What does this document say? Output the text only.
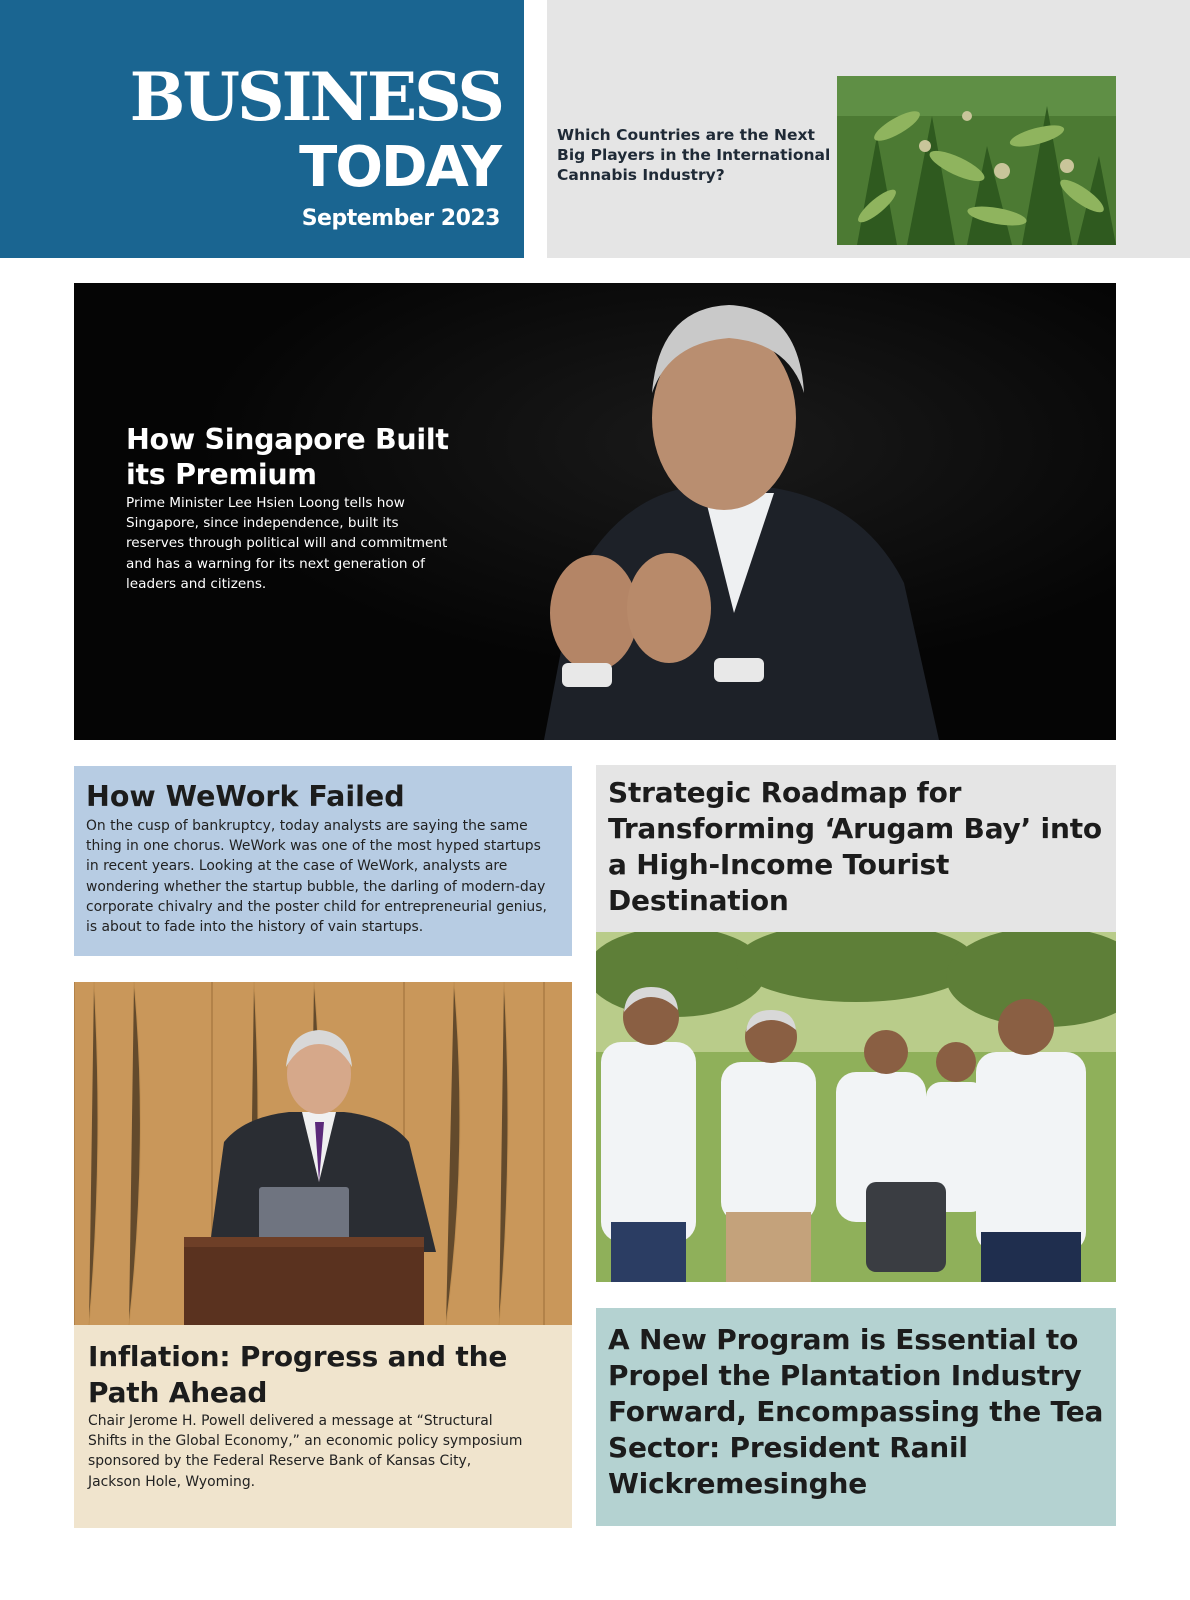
BUSINESS
TODAY
September 2023
Which Countries are the Next Big Players in the International Cannabis Industry?
How Singapore Built its Premium
Prime Minister Lee Hsien Loong tells how Singapore, since independence, built its reserves through political will and commitment and has a warning for its next generation of leaders and citizens.
How WeWork Failed
On the cusp of bankruptcy, today analysts are saying the same thing in one chorus. WeWork was one of the most hyped startups in recent years. Looking at the case of WeWork, analysts are wondering whether the startup bubble, the darling of modern-day corporate chivalry and the poster child for entrepreneurial genius, is about to fade into the history of vain startups.
Strategic Roadmap for Transforming ‘Arugam Bay’ into a High-Income Tourist Destination
Inflation: Progress and the Path Ahead
Chair Jerome H. Powell delivered a message at “Structural Shifts in the Global Economy,” an economic policy symposium sponsored by the Federal Reserve Bank of Kansas City, Jackson Hole, Wyoming.
A New Program is Essential to Propel the Plantation Industry Forward, Encompassing the Tea Sector: President Ranil Wickremesinghe
